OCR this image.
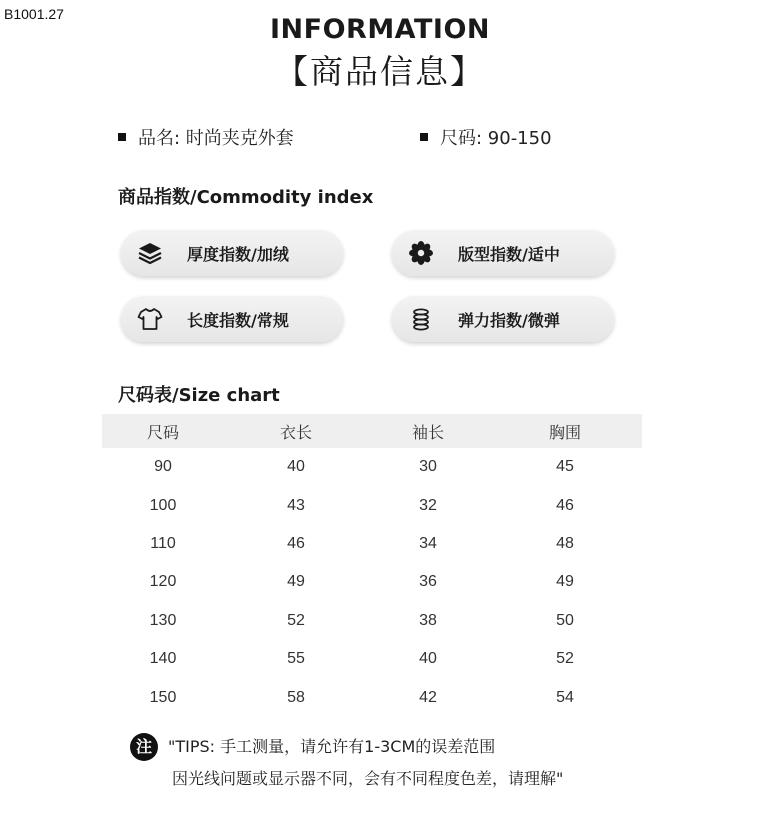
B1001.27	INFORMATION
【商品信息】
品名: 时尚夹克外套	尺码: 90-150
商品指数/Commodity index
厚度指数/加绒	版型指数/适中
长度指数/常规	弹力指数/微弹
尺码表/Size chart
尺码	衣长	袖长	胸围
90	40	30	45
100	43	32	46
110	46	34	48
120	49	36	49
130	52	38	50
140	55	40	52
150	58	42	54
注	"TIPS: 手工测量，请允许有1-3CM的误差范围
因光线问题或显示器不同，会有不同程度色差，请理解"
